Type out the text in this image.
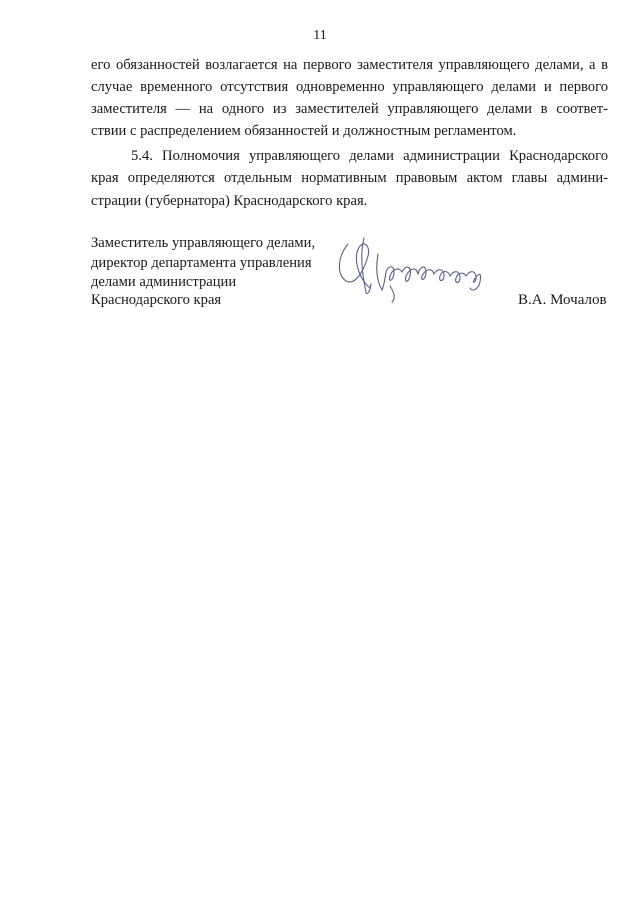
11
его обязанностей возлагается на первого заместителя управляющего делами, а в
случае временного отсутствия одновременно управляющего делами и первого
заместителя — на одного из заместителей управляющего делами в соответ-
ствии с распределением обязанностей и должностным регламентом.
5.4. Полномочия управляющего делами администрации Краснодарского
края определяются отдельным нормативным правовым актом главы админи-
страции (губернатора) Краснодарского края.
Заместитель управляющего делами,
директор департамента управления
делами администрации
Краснодарского края	В.А. Мочалов
